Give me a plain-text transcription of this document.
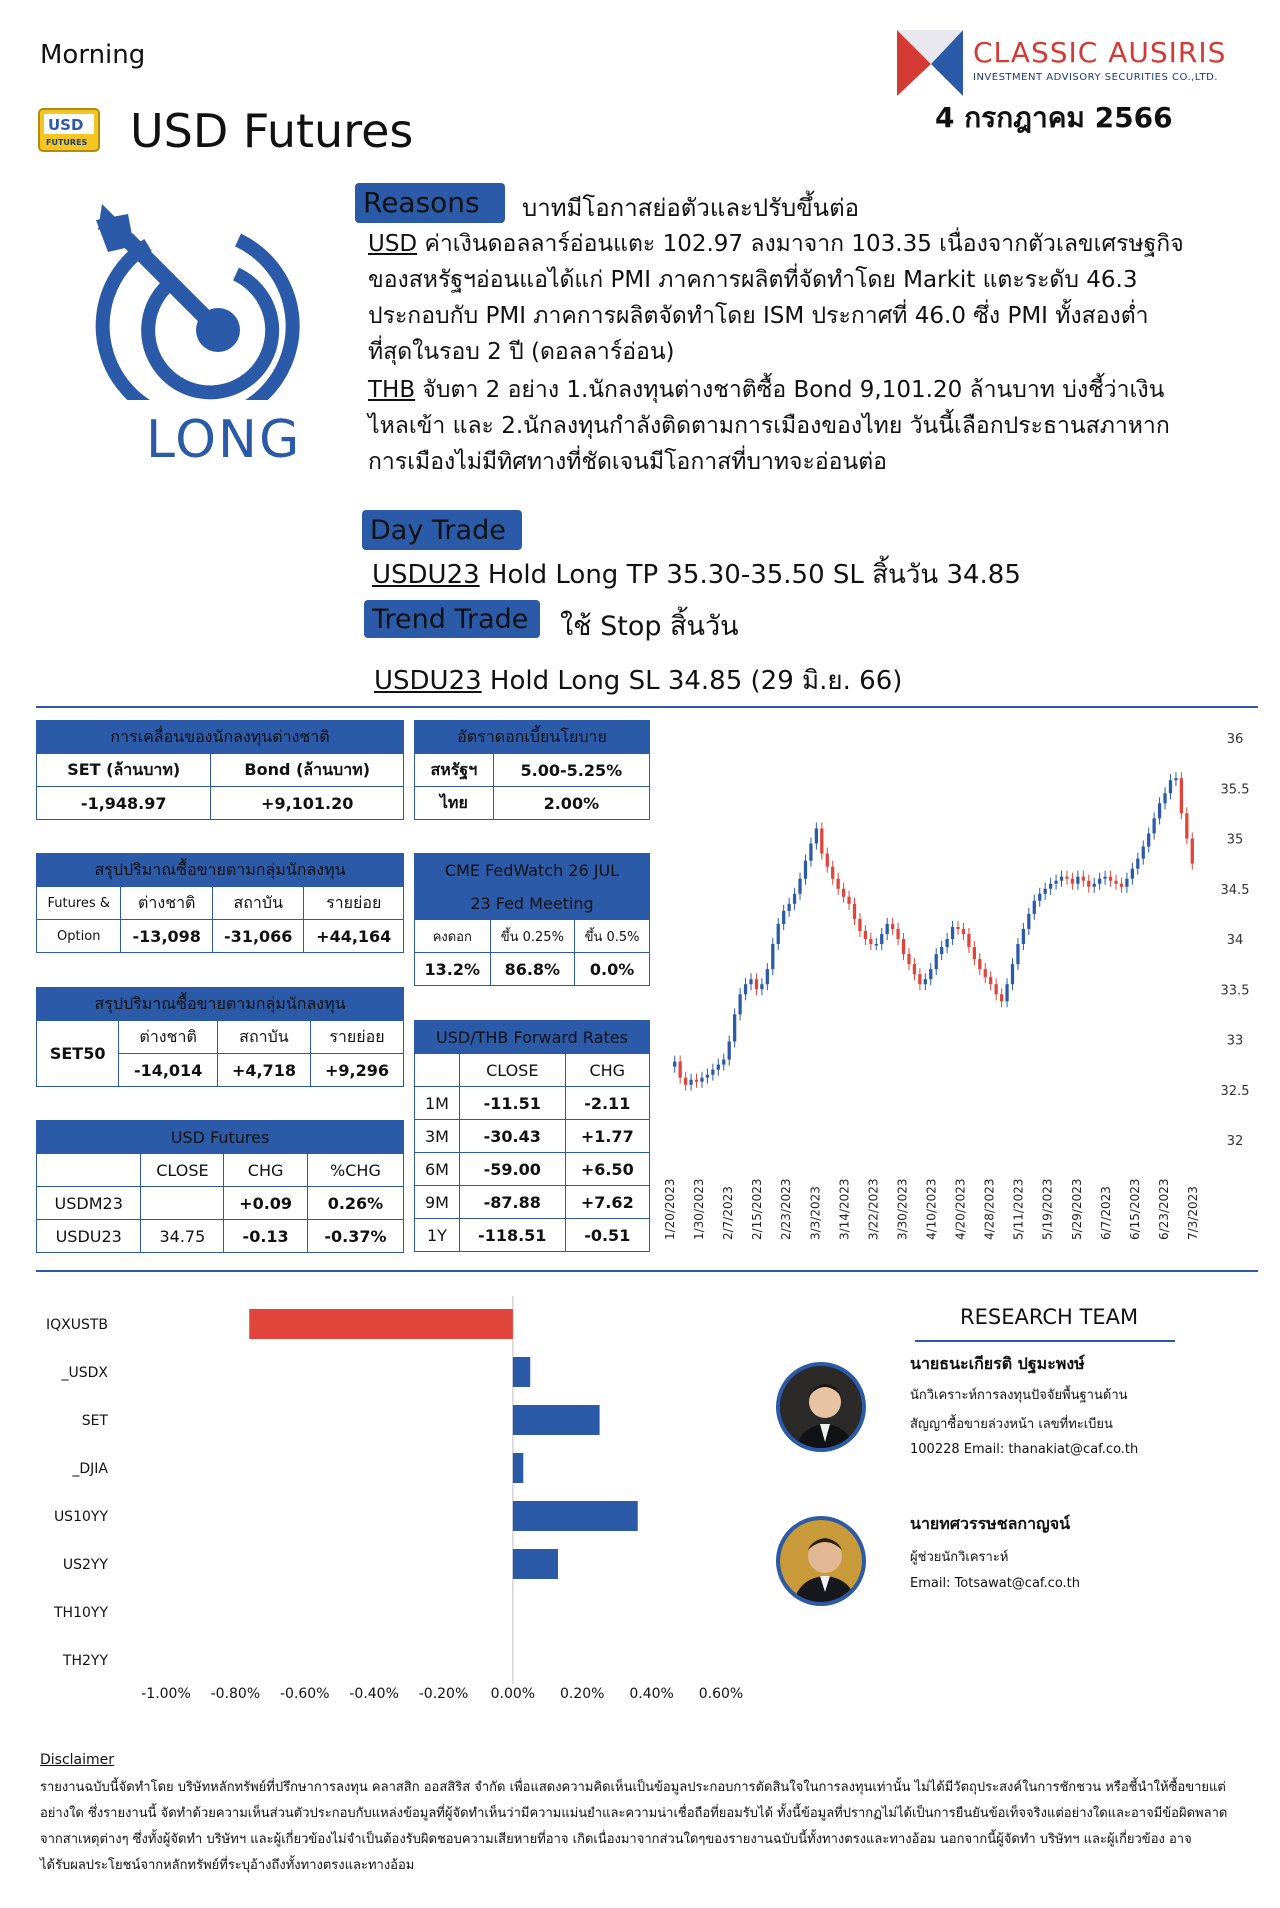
Morning
USD
FUTURES USD Futures
CLASSIC AUSIRIS
INVESTMENT ADVISORY SECURITIES CO.,LTD.
4 กรกฎาคม 2566
LONG
Reasons	บาทมีโอกาสย่อตัวและปรับขึ้นต่อ
USD ค่าเงินดอลลาร์อ่อนแตะ 102.97 ลงมาจาก 103.35 เนื่องจากตัวเลขเศรษฐกิจ
ของสหรัฐฯอ่อนแอได้แก่ PMI ภาคการผลิตที่จัดทำโดย Markit แตะระดับ 46.3
ประกอบกับ PMI ภาคการผลิตจัดทำโดย ISM ประกาศที่ 46.0 ซึ่ง PMI ทั้งสองต่ำ
ที่สุดในรอบ 2 ปี (ดอลลาร์อ่อน)
THB จับตา 2 อย่าง 1.นักลงทุนต่างชาติซื้อ Bond 9,101.20 ล้านบาท บ่งชี้ว่าเงิน
ไหลเข้า และ 2.นักลงทุนกำลังติดตามการเมืองของไทย วันนี้เลือกประธานสภาหาก
การเมืองไม่มีทิศทางที่ชัดเจนมีโอกาสที่บาทจะอ่อนต่อ
Day Trade
USDU23 Hold Long TP 35.30-35.50 SL สิ้นวัน 34.85
Trend Trade	ใช้ Stop สิ้นวัน
USDU23 Hold Long SL 34.85 (29 มิ.ย. 66)
การเคลื่อนของนักลงทุนต่างชาติ	
SET (ล้านบาท)	Bond (ล้านบาท)
-1,948.97	+9,101.20
อัตราดอกเบี้ยนโยบาย	
สหรัฐฯ	5.00-5.25%
ไทย	2.00%
สรุปปริมาณซื้อขายตามกลุ่มนักลงทุน			
Futures &	ต่างชาติ	สถาบัน	รายย่อย
Option	-13,098	-31,066	+44,164
CME FedWatch 26 JUL		
23 Fed Meeting		
คงดอก	ขึ้น 0.25%	ขึ้น 0.5%
13.2%	86.8%	0.0%
สรุปปริมาณซื้อขายตามกลุ่มนักลงทุน			
SET50	ต่างชาติ	สถาบัน	รายย่อย
	-14,014	+4,718	+9,296
USD/THB Forward Rates		
	CLOSE	CHG
1M	-11.51	-2.11
3M	-30.43	+1.77
6M	-59.00	+6.50
9M	-87.88	+7.62
1Y	-118.51	-0.51
USD Futures			
	CLOSE	CHG	%CHG
USDM23		+0.09	0.26%
USDU23	34.75	-0.13	-0.37%
36
35.5
35
34.5
34
33.5
33
32.5
32
1/20/2023 1/30/2023 2/7/2023 2/15/2023 2/23/2023 3/3/2023 3/14/2023 3/22/2023 3/30/2023 4/10/2023 4/20/2023 4/28/2023 5/11/2023 5/19/2023 5/29/2023 6/7/2023 6/15/2023 6/23/2023 7/3/2023
IQXUSTB
_USDX
SET
_DJIA
US10YY
US2YY
TH10YY
TH2YY
-1.00% -0.80% -0.60% -0.40% -0.20% 0.00% 0.20% 0.40% 0.60%
RESEARCH TEAM
นายธนะเกียรติ ปฐมะพงษ์
นักวิเคราะห์การลงทุนปัจจัยพื้นฐานด้าน
สัญญาซื้อขายล่วงหน้า เลขที่ทะเบียน
100228 Email: thanakiat@caf.co.th
นายทศวรรษชลกาญจน์
ผู้ช่วยนักวิเคราะห์
Email: Totsawat@caf.co.th
Disclaimer
รายงานฉบับนี้จัดทำโดย บริษัทหลักทรัพย์ที่ปรึกษาการลงทุน คลาสสิก ออสสิริส จำกัด เพื่อแสดงความคิดเห็นเป็นข้อมูลประกอบการตัดสินใจในการลงทุนเท่านั้น ไม่ได้มีวัตถุประสงค์ในการชักชวน หรือชี้นำให้ซื้อขายแต่
อย่างใด ซึ่งรายงานนี้ จัดทำด้วยความเห็นส่วนตัวประกอบกับแหล่งข้อมูลที่ผู้จัดทำเห็นว่ามีความแม่นยำและความน่าเชื่อถือที่ยอมรับได้ ทั้งนี้ข้อมูลที่ปรากฏไม่ได้เป็นการยืนยันข้อเท็จจริงแต่อย่างใดและอาจมีข้อผิดพลาด
จากสาเหตุต่างๆ ซึ่งทั้งผู้จัดทำ บริษัทฯ และผู้เกี่ยวข้องไม่จำเป็นต้องรับผิดชอบความเสียหายที่อาจ เกิดเนื่องมาจากส่วนใดๆของรายงานฉบับนี้ทั้งทางตรงและทางอ้อม นอกจากนี้ผู้จัดทำ บริษัทฯ และผู้เกี่ยวข้อง อาจ
ได้รับผลประโยชน์จากหลักทรัพย์ที่ระบุอ้างถึงทั้งทางตรงและทางอ้อม
